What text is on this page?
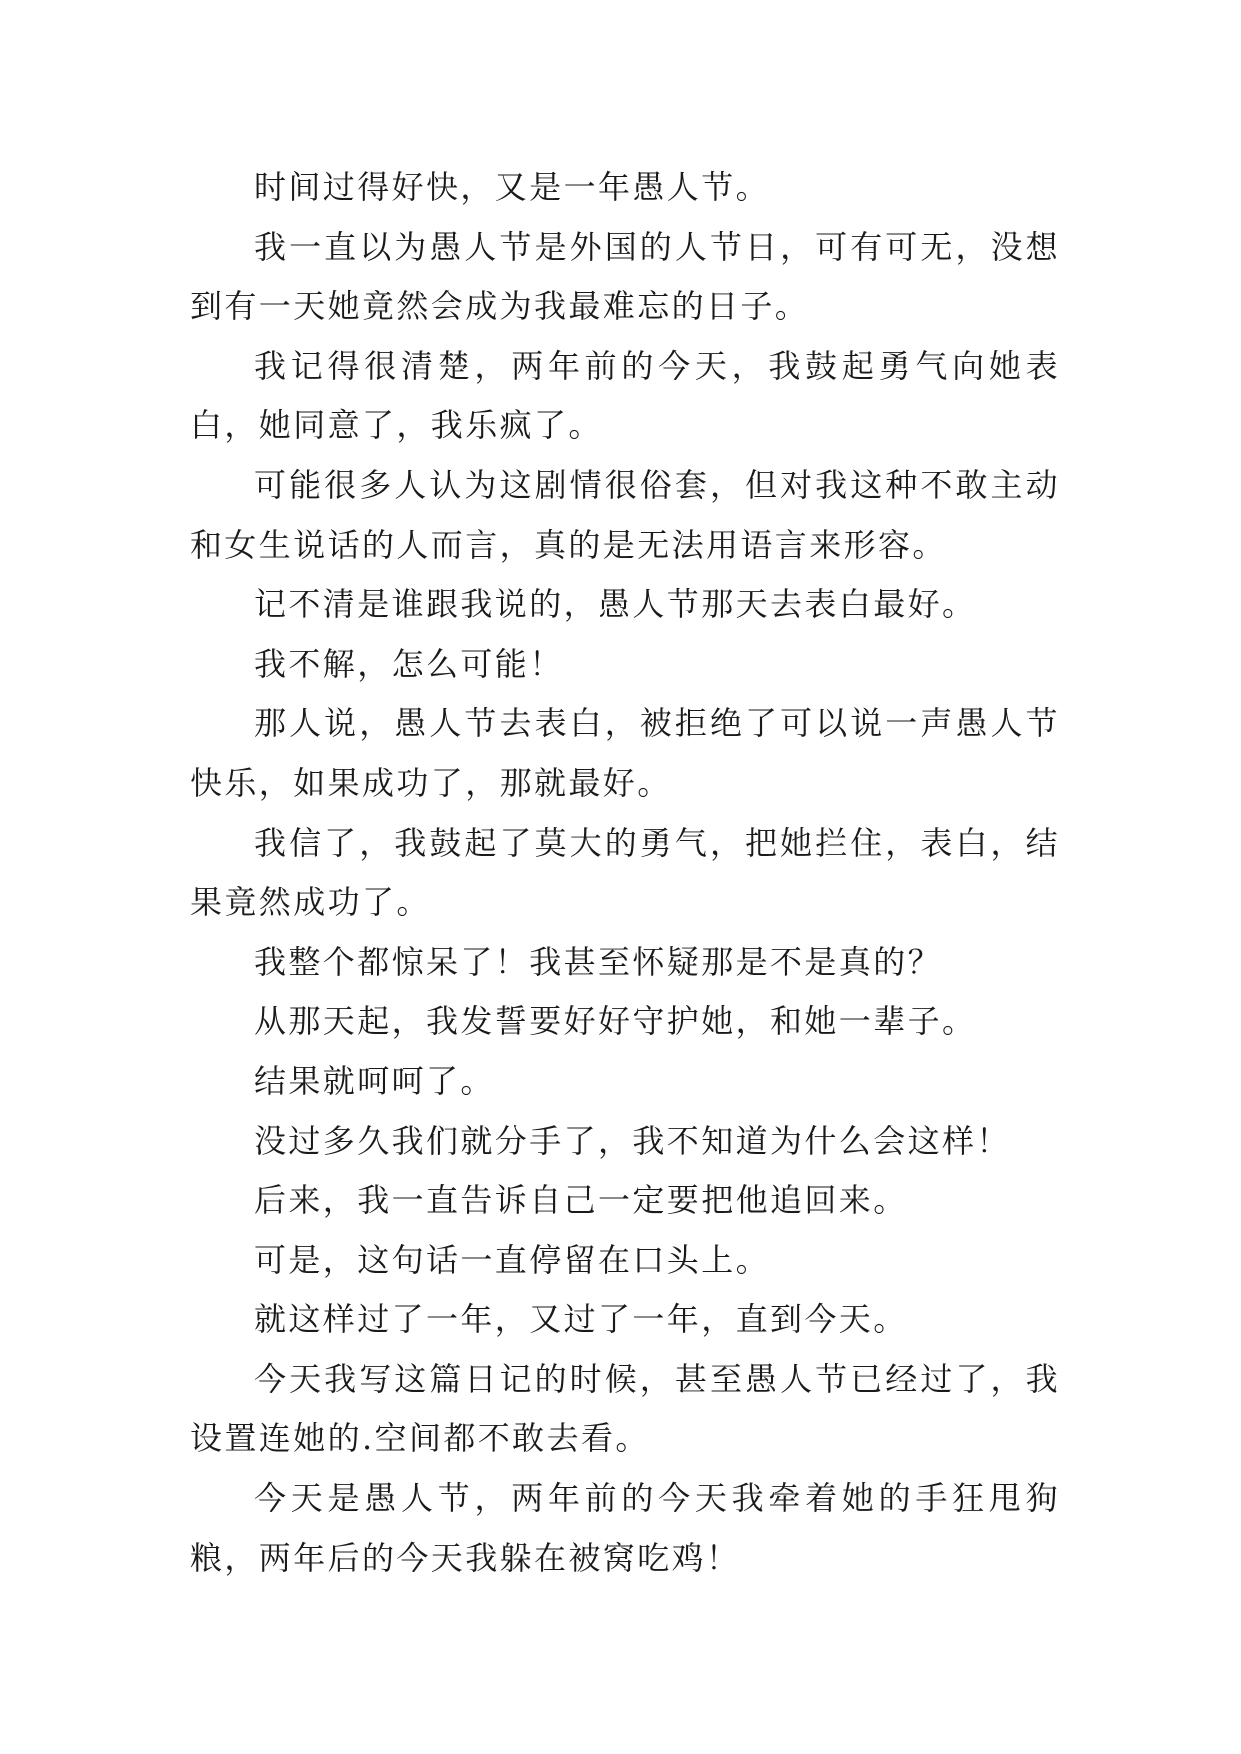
时间过得好快，又是一年愚人节。

我一直以为愚人节是外国的人节日，可有可无，没想到有一天她竟然会成为我最难忘的日子。

我记得很清楚，两年前的今天，我鼓起勇气向她表白，她同意了，我乐疯了。

可能很多人认为这剧情很俗套，但对我这种不敢主动和女生说话的人而言，真的是无法用语言来形容。

记不清是谁跟我说的，愚人节那天去表白最好。

我不解，怎么可能！

那人说，愚人节去表白，被拒绝了可以说一声愚人节快乐，如果成功了，那就最好。

我信了，我鼓起了莫大的勇气，把她拦住，表白，结果竟然成功了。

我整个都惊呆了！我甚至怀疑那是不是真的？

从那天起，我发誓要好好守护她，和她一辈子。

结果就呵呵了。

没过多久我们就分手了，我不知道为什么会这样！

后来，我一直告诉自己一定要把他追回来。

可是，这句话一直停留在口头上。

就这样过了一年，又过了一年，直到今天。

今天我写这篇日记的时候，甚至愚人节已经过了，我设置连她的.空间都不敢去看。

今天是愚人节，两年前的今天我牵着她的手狂甩狗粮，两年后的今天我躲在被窝吃鸡！
